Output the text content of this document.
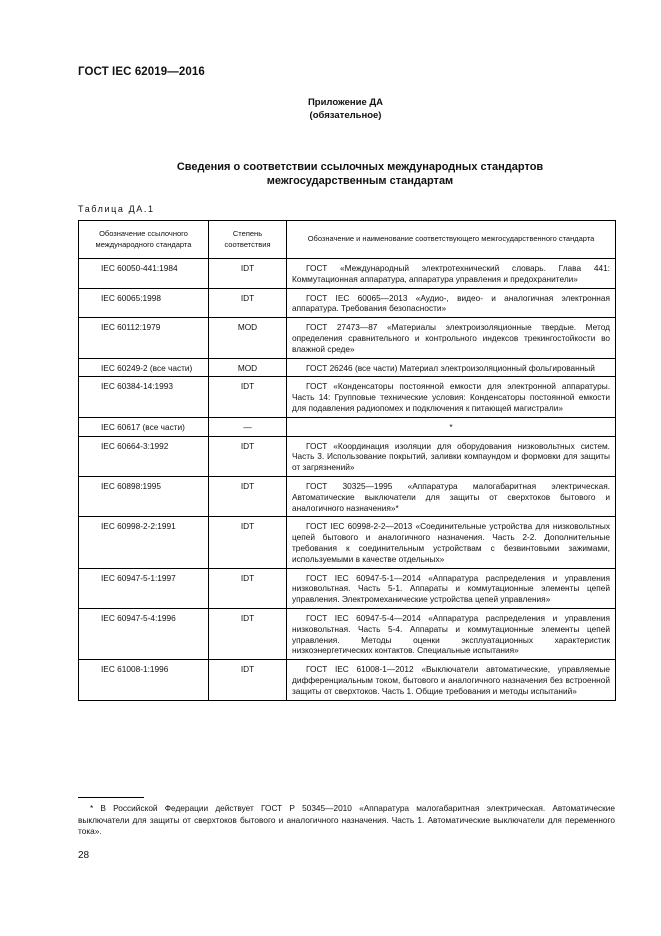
ГОСТ IEC 62019—2016
Приложение ДА
(обязательное)
Сведения о соответствии ссылочных международных стандартов
межгосударственным стандартам
Таблица ДА.1
Обозначение ссылочного международного стандарта	Степень соответствия	Обозначение и наименование соответствующего межгосударственного стандарта
IEC 60050-441:1984	IDT	ГОСТ «Международный электротехнический словарь. Глава 441: Коммутационная аппаратура, аппаратура управления и предохранители»
IEC 60065:1998	IDT	ГОСТ IEC 60065—2013 «Аудио-, видео- и аналогичная электронная аппаратура. Требования безопасности»
IEC 60112:1979	MOD	ГОСТ 27473—87 «Материалы электроизоляционные твердые. Метод определения сравнительного и контрольного индексов трекингостойкости во влажной среде»
IEC 60249-2 (все части)	MOD	ГОСТ 26246 (все части) Материал электроизоляционный фольгированный
IEC 60384-14:1993	IDT	ГОСТ «Конденсаторы постоянной емкости для электронной аппаратуры. Часть 14: Групповые технические условия: Конденсаторы постоянной емкости для подавления радиопомех и подключения к питающей магистрали»
IEC 60617 (все части)	—	*
IEC 60664-3:1992	IDT	ГОСТ «Координация изоляции для оборудования низковольтных систем. Часть 3. Использование покрытий, заливки компаундом и формовки для защиты от загрязнений»
IEC 60898:1995	IDT	ГОСТ 30325—1995 «Аппаратура малогабаритная электрическая. Автоматические выключатели для защиты от сверхтоков бытового и аналогичного назначения»*
IEC 60998-2-2:1991	IDT	ГОСТ IEC 60998-2-2—2013 «Соединительные устройства для низковольтных цепей бытового и аналогичного назначения. Часть 2-2. Дополнительные требования к соединительным устройствам с безвинтовыми зажимами, используемыми в качестве отдельных»
IEC 60947-5-1:1997	IDT	ГОСТ IEC 60947-5-1—2014 «Аппаратура распределения и управления низковольтная. Часть 5-1. Аппараты и коммутационные элементы цепей управления. Электромеханические устройства цепей управления»
IEC 60947-5-4:1996	IDT	ГОСТ IEC 60947-5-4—2014 «Аппаратура распределения и управления низковольтная. Часть 5-4. Аппараты и коммутационные элементы цепей управления. Методы оценки эксплуатационных характеристик низкоэнергетических контактов. Специальные испытания»
IEC 61008-1:1996	IDT	ГОСТ IEC 61008-1—2012 «Выключатели автоматические, управляемые дифференциальным током, бытового и аналогичного назначения без встроенной защиты от сверхтоков. Часть 1. Общие требования и методы испытаний»
* В Российской Федерации действует ГОСТ Р 50345—2010 «Аппаратура малогабаритная электрическая. Автоматические выключатели для защиты от сверхтоков бытового и аналогичного назначения. Часть 1. Автоматические выключатели для переменного тока».
28
